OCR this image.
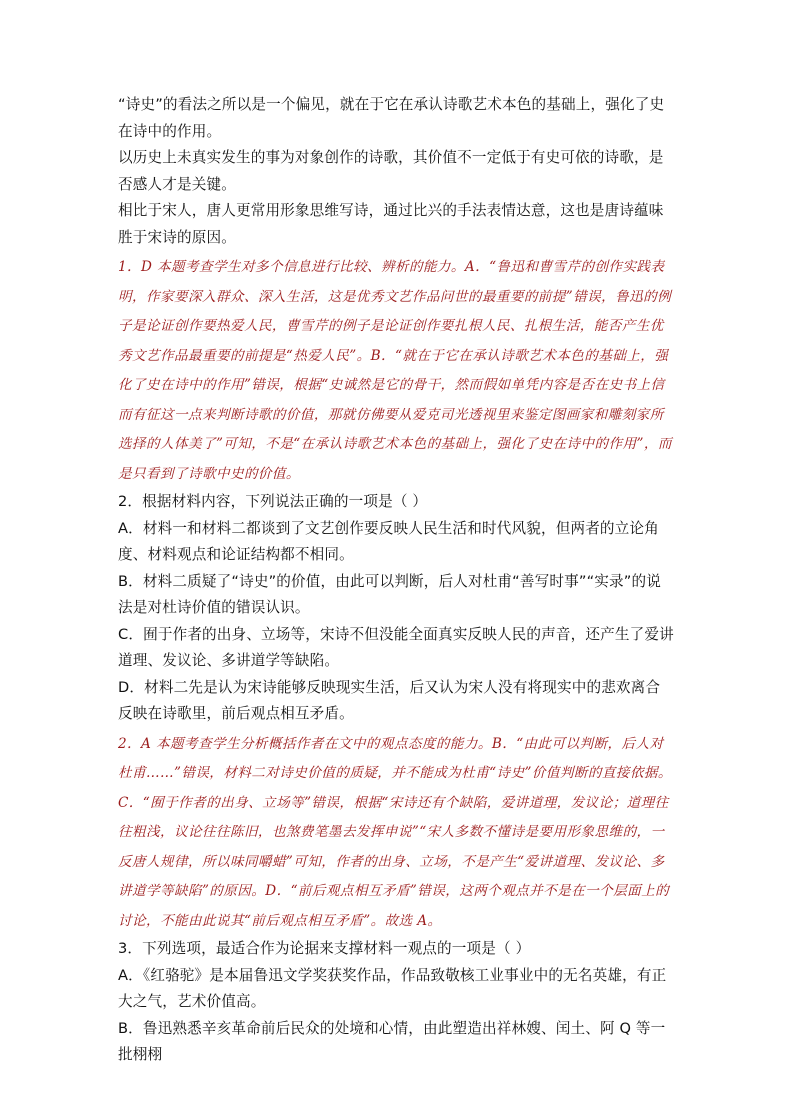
“诗史”的看法之所以是一个偏见，就在于它在承认诗歌艺术本色的基础上，强化了史在诗中的作用。

以历史上未真实发生的事为对象创作的诗歌，其价值不一定低于有史可依的诗歌，是否感人才是关键。

相比于宋人，唐人更常用形象思维写诗，通过比兴的手法表情达意，这也是唐诗蕴味胜于宋诗的原因。

1．D 本题考查学生对多个信息进行比较、辨析的能力。A．“鲁迅和曹雪芹的创作实践表明，作家要深入群众、深入生活，这是优秀文艺作品问世的最重要的前提”错误，鲁迅的例子是论证创作要热爱人民，曹雪芹的例子是论证创作要扎根人民、扎根生活，能否产生优秀文艺作品最重要的前提是“热爱人民”。B．“就在于它在承认诗歌艺术本色的基础上，强化了史在诗中的作用”错误，根据“史诚然是它的骨干，然而假如单凭内容是否在史书上信而有征这一点来判断诗歌的价值，那就仿佛要从爱克司光透视里来鉴定图画家和雕刻家所选择的人体美了”可知，不是“在承认诗歌艺术本色的基础上，强化了史在诗中的作用”，而是只看到了诗歌中史的价值。

2．根据材料内容，下列说法正确的一项是（ ）

A．材料一和材料二都谈到了文艺创作要反映人民生活和时代风貌，但两者的立论角度、材料观点和论证结构都不相同。

B．材料二质疑了“诗史”的价值，由此可以判断，后人对杜甫“善写时事”“实录”的说法是对杜诗价值的错误认识。

C．囿于作者的出身、立场等，宋诗不但没能全面真实反映人民的声音，还产生了爱讲道理、发议论、多讲道学等缺陷。

D．材料二先是认为宋诗能够反映现实生活，后又认为宋人没有将现实中的悲欢离合反映在诗歌里，前后观点相互矛盾。

2．A 本题考查学生分析概括作者在文中的观点态度的能力。B．“由此可以判断，后人对杜甫……”错误，材料二对诗史价值的质疑，并不能成为杜甫“诗史”价值判断的直接依据。C．“囿于作者的出身、立场等”错误，根据“宋诗还有个缺陷，爱讲道理，发议论；道理往往粗浅，议论往往陈旧，也煞费笔墨去发挥申说”“宋人多数不懂诗是要用形象思维的，一反唐人规律，所以味同嚼蜡”可知，作者的出身、立场，不是产生“爱讲道理、发议论、多讲道学等缺陷”的原因。D．“前后观点相互矛盾”错误，这两个观点并不是在一个层面上的讨论，不能由此说其“前后观点相互矛盾”。故选 A。

3．下列选项，最适合作为论据来支撑材料一观点的一项是（ ）

A．《红骆驼》是本届鲁迅文学奖获奖作品，作品致敬核工业事业中的无名英雄，有正大之气，艺术价值高。

B．鲁迅熟悉辛亥革命前后民众的处境和心情，由此塑造出祥林嫂、闰土、阿 Q 等一批栩栩
